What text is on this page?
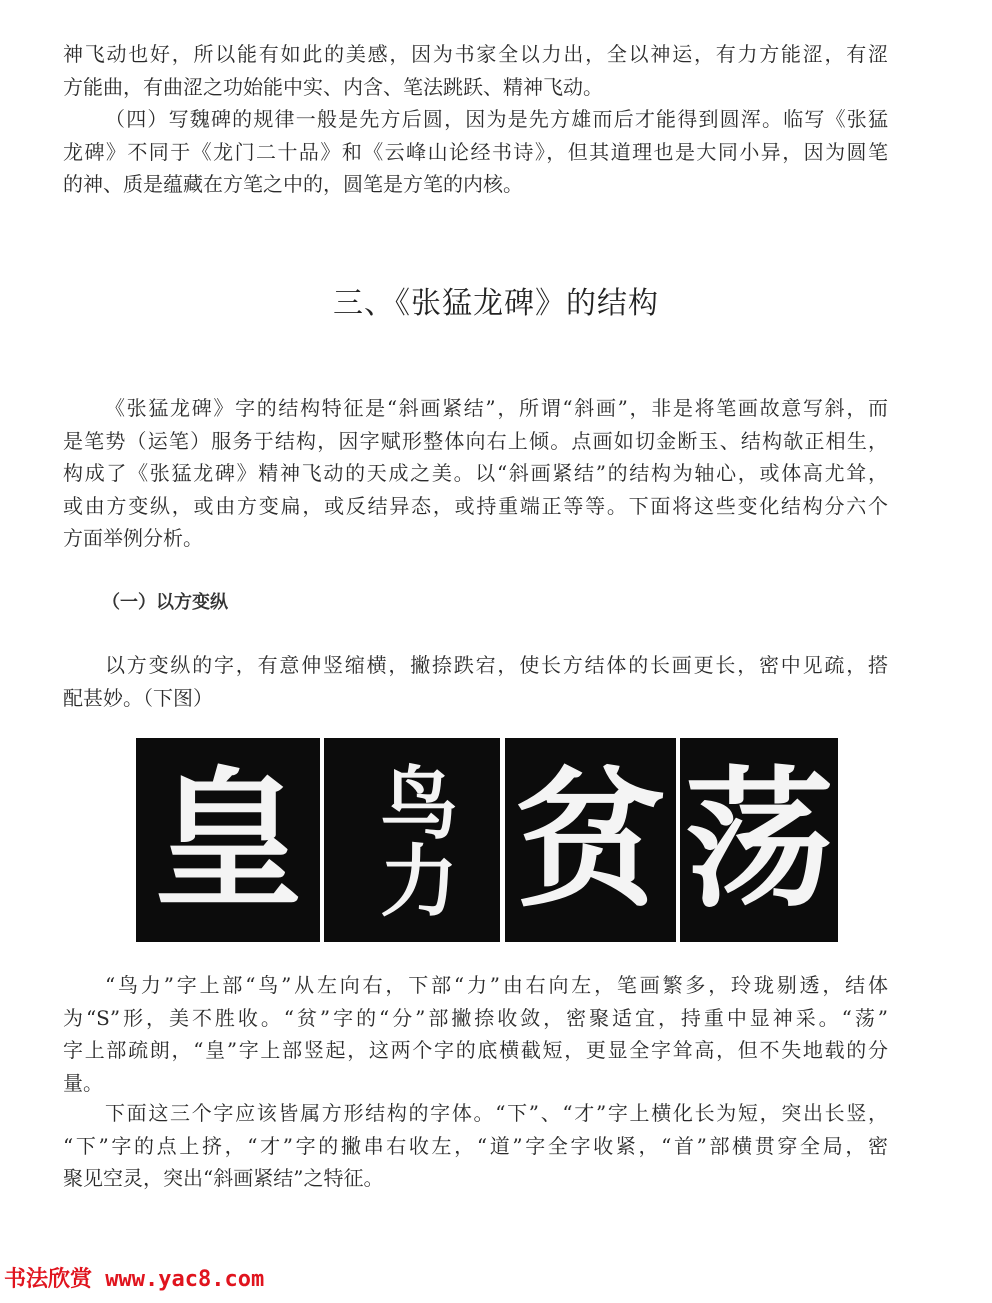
神飞动也好，所以能有如此的美感，因为书家全以力出，全以神运，有力方能涩，有涩
方能曲，有曲涩之功始能中实、内含、笔法跳跃、精神飞动。
（四）写魏碑的规律一般是先方后圆，因为是先方雄而后才能得到圆浑。临写《张猛
龙碑》不同于《龙门二十品》和《云峰山论经书诗》，但其道理也是大同小异，因为圆笔
的神、质是蕴藏在方笔之中的，圆笔是方笔的内核。
三、《张猛龙碑》的结构
《张猛龙碑》字的结构特征是“斜画紧结”，所谓“斜画”，非是将笔画故意写斜，而
是笔势（运笔）服务于结构，因字赋形整体向右上倾。点画如切金断玉、结构欹正相生，
构成了《张猛龙碑》精神飞动的天成之美。以“斜画紧结”的结构为轴心，或体高尤耸，
或由方变纵，或由方变扁，或反结异态，或持重端正等等。下面将这些变化结构分六个
方面举例分析。
（一）以方变纵
以方变纵的字，有意伸竖缩横，撇捺跌宕，使长方结体的长画更长，密中见疏，搭
配甚妙。（下图）
皇 鸟力 贫 荡
“鸟力”字上部“鸟”从左向右，下部“力”由右向左，笔画繁多，玲珑剔透，结体
为“S”形，美不胜收。“贫”字的“分”部撇捺收敛，密聚适宜，持重中显神采。“荡”
字上部疏朗，“皇”字上部竖起，这两个字的底横截短，更显全字耸高，但不失地载的分
量。
下面这三个字应该皆属方形结构的字体。“下”、“才”字上横化长为短，突出长竖，
“下”字的点上挤，“才”字的撇串右收左，“道”字全字收紧，“首”部横贯穿全局，密
聚见空灵，突出“斜画紧结”之特征。
书法欣赏 www.yac8.com
